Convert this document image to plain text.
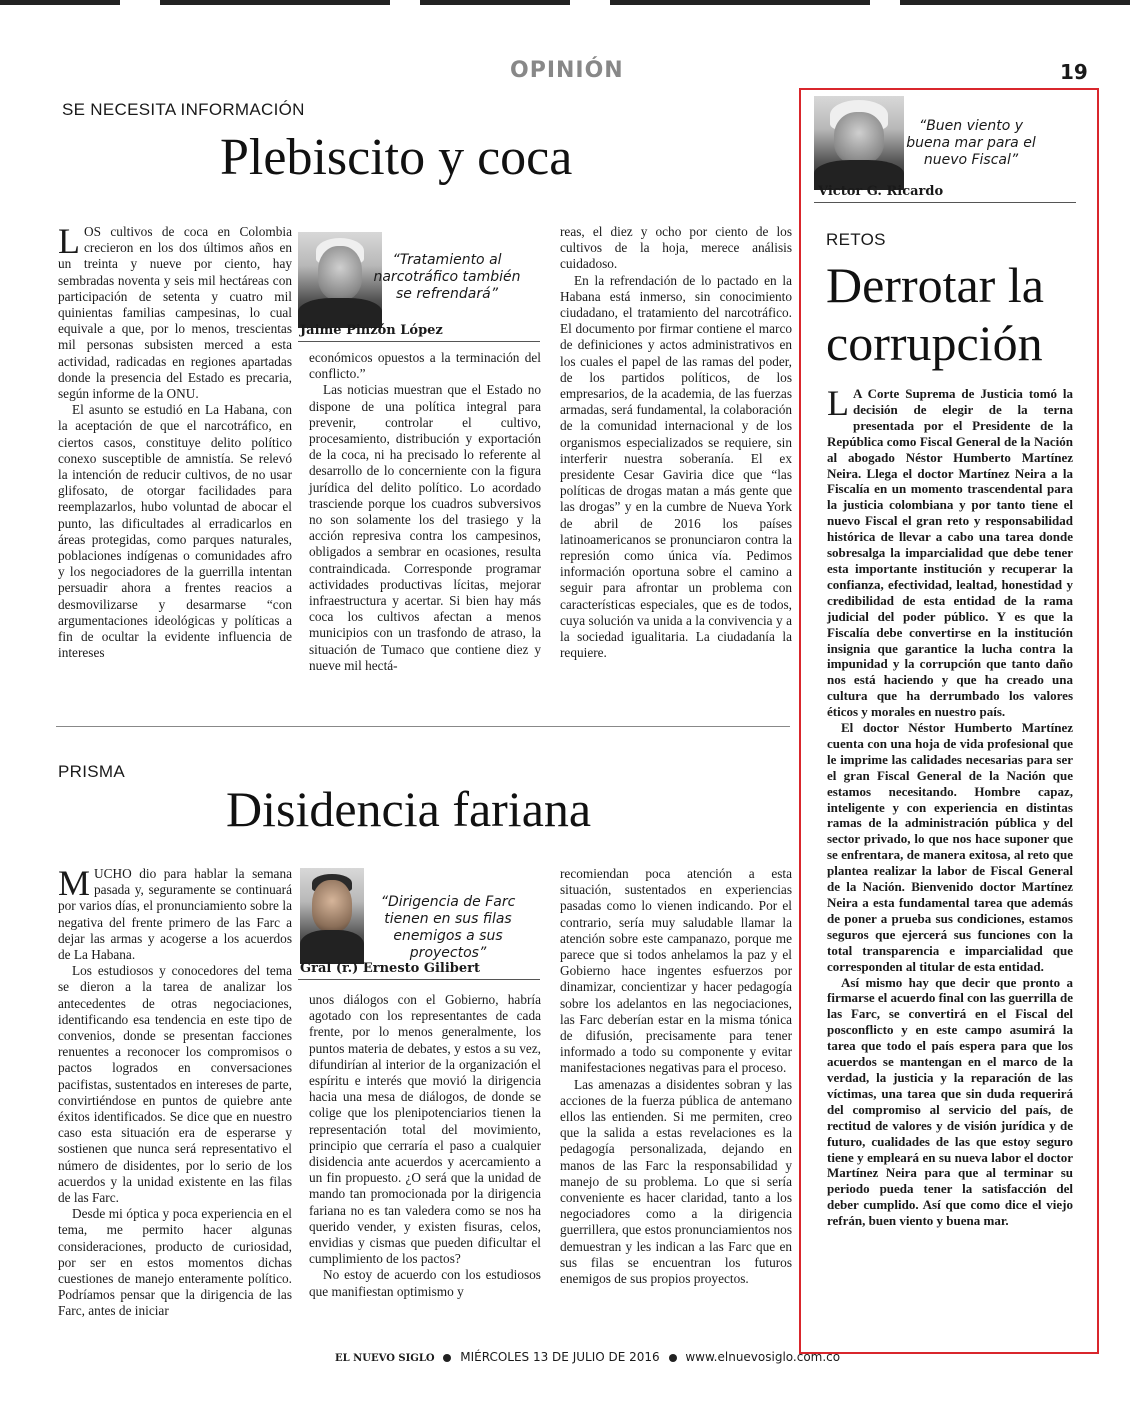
OPINIÓN	19
SE NECESITA INFORMACIÓN
Plebiscito y coca

LOS cultivos de coca en Colombia crecieron en los dos últimos años en un treinta y nueve por ciento, hay sembradas noventa y seis mil hectáreas con participación de setenta y cuatro mil quinientas familias campesinas, lo cual equivale a que, por lo menos, trescientas mil personas subsisten merced a esta actividad, radicadas en regiones apartadas donde la presencia del Estado es precaria, según informe de la ONU.

El asunto se estudió en La Habana, con la aceptación de que el narcotráfico, en ciertos casos, constituye delito político conexo susceptible de amnistía. Se relevó la intención de reducir cultivos, de no usar glifosato, de otorgar facilidades para reemplazarlos, hubo voluntad de abocar el punto, las dificultades al erradicarlos en áreas protegidas, como parques naturales, poblaciones indígenas o comunidades afro y los negociadores de la guerrilla intentan persuadir ahora a frentes reacios a desmovilizarse y desarmarse “con argumentaciones ideológicas y políticas a fin de ocultar la evidente influencia de intereses

“Tratamiento al narcotráfico también se refrendará”
Jaime Pinzón López

económicos opuestos a la terminación del conflicto.”

Las noticias muestran que el Estado no dispone de una política integral para prevenir, controlar el cultivo, procesamiento, distribución y exportación de la coca, ni ha precisado lo referente al desarrollo de lo concerniente con la figura jurídica del delito político. Lo acordado trasciende porque los cuadros subversivos no son solamente los del trasiego y la acción represiva contra los campesinos, obligados a sembrar en ocasiones, resulta contraindicada. Corresponde programar actividades productivas lícitas, mejorar infraestructura y acertar. Si bien hay más coca los cultivos afectan a menos municipios con un trasfondo de atraso, la situación de Tumaco que contiene diez y nueve mil hectá-

reas, el diez y ocho por ciento de los cultivos de la hoja, merece análisis cuidadoso.

En la refrendación de lo pactado en la Habana está inmerso, sin conocimiento ciudadano, el tratamiento del narcotráfico. El documento por firmar contiene el marco de definiciones y actos administrativos en los cuales el papel de las ramas del poder, de los partidos políticos, de los empresarios, de la academia, de las fuerzas armadas, será fundamental, la colaboración de la comunidad internacional y de los organismos especializados se requiere, sin interferir nuestra soberanía. El ex presidente Cesar Gaviria dice que “las políticas de drogas matan a más gente que las drogas” y en la cumbre de Nueva York de abril de 2016 los países latinoamericanos se pronunciaron contra la represión como única vía. Pedimos información oportuna sobre el camino a seguir para afrontar un problema con características especiales, que es de todos, cuya solución va unida a la convivencia y a la sociedad igualitaria. La ciudadanía la requiere.

PRISMA
Disidencia fariana

MUCHO dio para hablar la semana pasada y, seguramente se continuará por varios días, el pronunciamiento sobre la negativa del frente primero de las Farc a dejar las armas y acogerse a los acuerdos de La Habana.

Los estudiosos y conocedores del tema se dieron a la tarea de analizar los antecedentes de otras negociaciones, identificando esa tendencia en este tipo de convenios, donde se presentan facciones renuentes a reconocer los compromisos o pactos logrados en conversaciones pacifistas, sustentados en intereses de parte, convirtiéndose en puntos de quiebre ante éxitos identificados. Se dice que en nuestro caso esta situación era de esperarse y sostienen que nunca será representativo el número de disidentes, por lo serio de los acuerdos y la unidad existente en las filas de las Farc.

Desde mi óptica y poca experiencia en el tema, me permito hacer algunas consideraciones, producto de curiosidad, por ser en estos momentos dichas cuestiones de manejo enteramente político. Podríamos pensar que la dirigencia de las Farc, antes de iniciar

“Dirigencia de Farc tienen en sus filas enemigos a sus proyectos”
Gral (r.) Ernesto Gilibert

unos diálogos con el Gobierno, habría agotado con los representantes de cada frente, por lo menos generalmente, los puntos materia de debates, y estos a su vez, difundirían al interior de la organización el espíritu e interés que movió la dirigencia hacia una mesa de diálogos, de donde se colige que los plenipotenciarios tienen la representación total del movimiento, principio que cerraría el paso a cualquier disidencia ante acuerdos y acercamiento a un fin propuesto. ¿O será que la unidad de mando tan promocionada por la dirigencia fariana no es tan valedera como se nos ha querido vender, y existen fisuras, celos, envidias y cismas que pueden dificultar el cumplimiento de los pactos?

No estoy de acuerdo con los estudiosos que manifiestan optimismo y

recomiendan poca atención a esta situación, sustentados en experiencias pasadas como lo vienen indicando. Por el contrario, sería muy saludable llamar la atención sobre este campanazo, porque me parece que si todos anhelamos la paz y el Gobierno hace ingentes esfuerzos por dinamizar, concientizar y hacer pedagogía sobre los adelantos en las negociaciones, las Farc deberían estar en la misma tónica de difusión, precisamente para tener informado a todo su componente y evitar manifestaciones negativas para el proceso.

Las amenazas a disidentes sobran y las acciones de la fuerza pública de antemano ellos las entienden. Si me permiten, creo que la salida a estas revelaciones es la pedagogía personalizada, dejando en manos de las Farc la responsabilidad y manejo de su problema. Lo que si sería conveniente es hacer claridad, tanto a los negociadores como a la dirigencia guerrillera, que estos pronunciamientos nos demuestran y les indican a las Farc que en sus filas se encuentran los futuros enemigos de sus propios proyectos.

“Buen viento y buena mar para el nuevo Fiscal”
Victor G. Ricardo
RETOS
Derrotar la
corrupción

L A Corte Suprema de Justicia tomó la decisión de elegir de la terna presentada por el Presidente de la República como Fiscal General de la Nación al abogado Néstor Humberto Martínez Neira. Llega el doctor Martínez Neira a la Fiscalía en un momento trascendental para la justicia colombiana y por tanto tiene el nuevo Fiscal el gran reto y responsabilidad histórica de llevar a cabo una tarea donde sobresalga la imparcialidad que debe tener esta importante institución y recuperar la confianza, efectividad, lealtad, honestidad y credibilidad de esta entidad de la rama judicial del poder público. Y es que la Fiscalía debe convertirse en la institución insignia que garantice la lucha contra la impunidad y la corrupción que tanto daño nos está haciendo y que ha creado una cultura que ha derrumbado los valores éticos y morales en nuestro país.

El doctor Néstor Humberto Martínez cuenta con una hoja de vida profesional que le imprime las calidades necesarias para ser el gran Fiscal General de la Nación que estamos necesitando. Hombre capaz, inteligente y con experiencia en distintas ramas de la administración pública y del sector privado, lo que nos hace suponer que se enfrentara, de manera exitosa, al reto que plantea realizar la labor de Fiscal General de la Nación. Bienvenido doctor Martínez Neira a esta fundamental tarea que además de poner a prueba sus condiciones, estamos seguros que ejercerá sus funciones con la total transparencia e imparcialidad que corresponden al titular de esta entidad.

Así mismo hay que decir que pronto a firmarse el acuerdo final con las guerrilla de las Farc, se convertirá en el Fiscal del posconflicto y en este campo asumirá la tarea que todo el país espera para que los acuerdos se mantengan en el marco de la verdad, la justicia y la reparación de las víctimas, una tarea que sin duda requerirá del compromiso al servicio del país, de rectitud de valores y de visión jurídica y de futuro, cualidades de las que estoy seguro tiene y empleará en su nueva labor el doctor Martínez Neira para que al terminar su periodo pueda tener la satisfacción del deber cumplido. Así que como dice el viejo refrán, buen viento y buena mar.

EL NUEVO SIGLO MIÉRCOLES 13 DE JULIO DE 2016 www.elnuevosiglo.com.co
